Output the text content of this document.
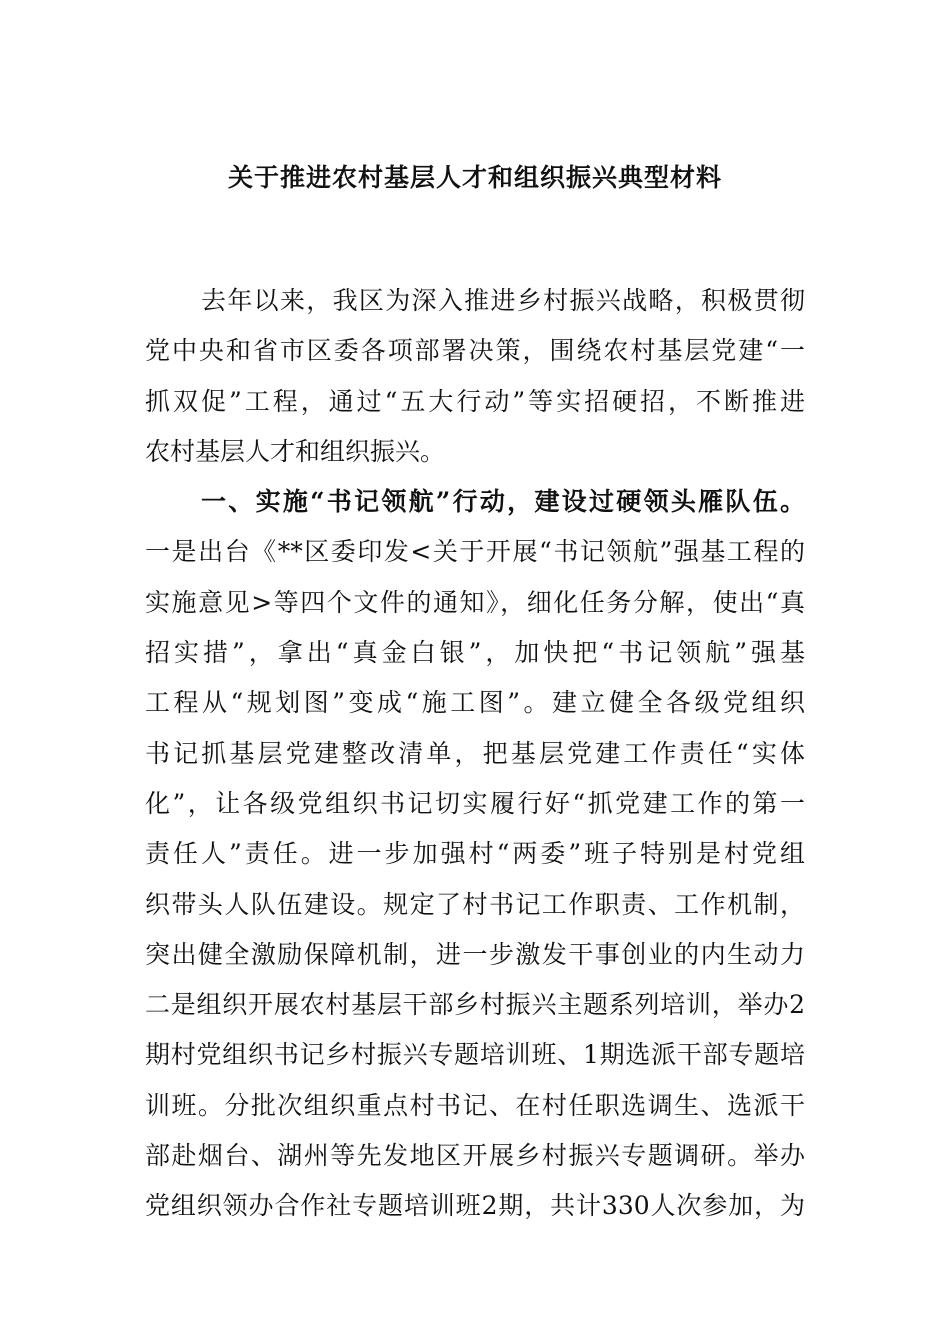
关于推进农村基层人才和组织振兴典型材料
去年以来，我区为深入推进乡村振兴战略，积极贯彻
党中央和省市区委各项部署决策，围绕农村基层党建“一
抓双促”工程，通过“五大行动”等实招硬招，不断推进
农村基层人才和组织振兴。
一、实施“书记领航”行动，建设过硬领头雁队伍。
一是出台《**区委印发<关于开展“书记领航”强基工程的
实施意见>等四个文件的通知》，细化任务分解，使出“真
招实措”，拿出“真金白银”，加快把“书记领航”强基
工程从“规划图”变成“施工图”。建立健全各级党组织
书记抓基层党建整改清单，把基层党建工作责任“实体
化”，让各级党组织书记切实履行好“抓党建工作的第一
责任人”责任。进一步加强村“两委”班子特别是村党组
织带头人队伍建设。规定了村书记工作职责、工作机制，
突出健全激励保障机制，进一步激发干事创业的内生动力
二是组织开展农村基层干部乡村振兴主题系列培训，举办2
期村党组织书记乡村振兴专题培训班、1期选派干部专题培
训班。分批次组织重点村书记、在村任职选调生、选派干
部赴烟台、湖州等先发地区开展乡村振兴专题调研。举办
党组织领办合作社专题培训班2期，共计330人次参加，为
